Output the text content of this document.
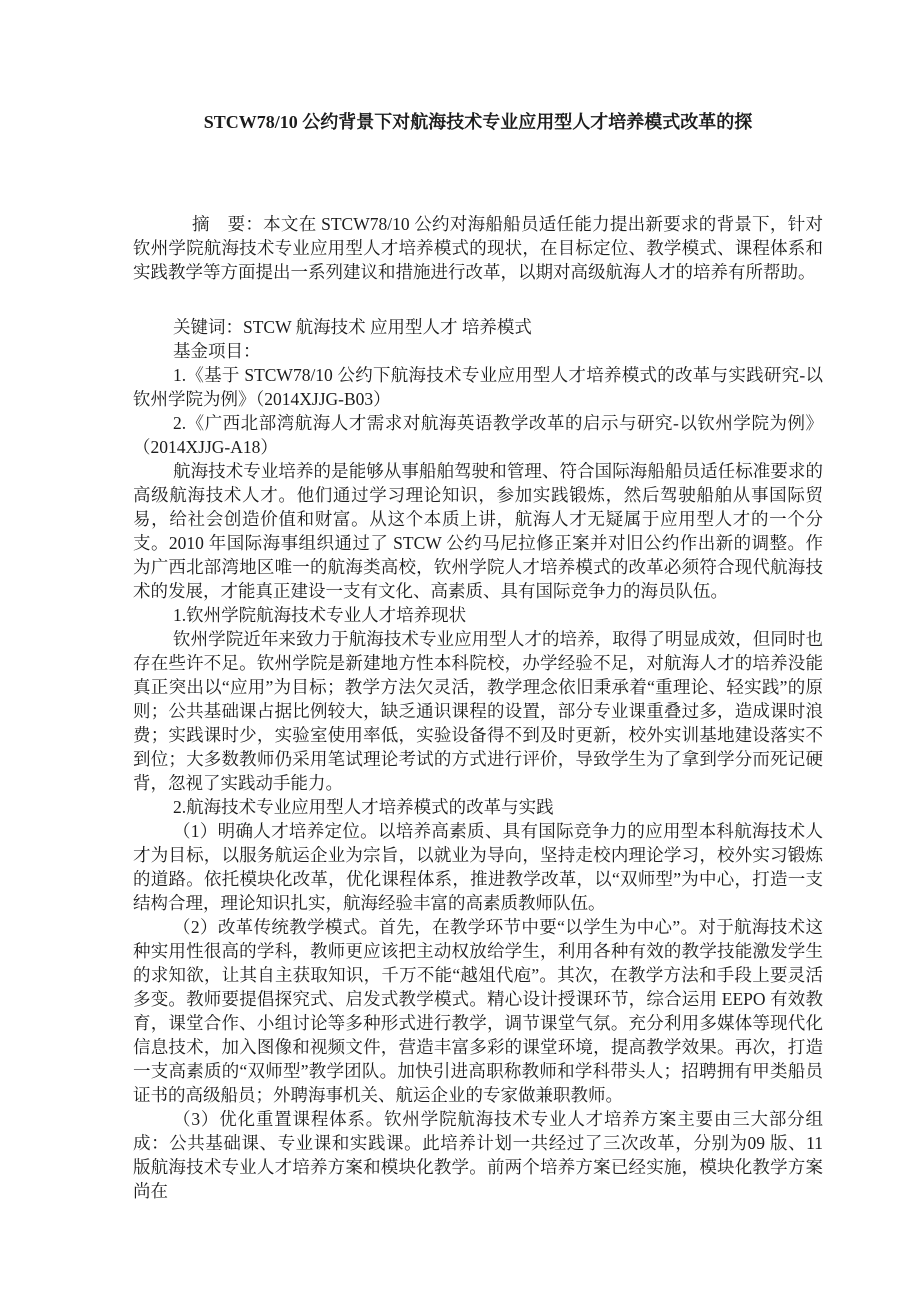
STCW78/10 公约背景下对航海技术专业应用型人才培养模式改革的探

摘　要：本文在 STCW78/10 公约对海船船员适任能力提出新要求的背景下，针对钦州学院航海技术专业应用型人才培养模式的现状，在目标定位、教学模式、课程体系和实践教学等方面提出一系列建议和措施进行改革，以期对高级航海人才的培养有所帮助。

关键词：STCW 航海技术 应用型人才 培养模式

基金项目：

1.《基于 STCW78/10 公约下航海技术专业应用型人才培养模式的改革与实践研究-以钦州学院为例》（2014XJJG-B03）

2.《广西北部湾航海人才需求对航海英语教学改革的启示与研究-以钦州学院为例》（2014XJJG-A18）

航海技术专业培养的是能够从事船舶驾驶和管理、符合国际海船船员适任标准要求的高级航海技术人才。他们通过学习理论知识，参加实践锻炼，然后驾驶船舶从事国际贸易，给社会创造价值和财富。从这个本质上讲，航海人才无疑属于应用型人才的一个分支。2010 年国际海事组织通过了 STCW 公约马尼拉修正案并对旧公约作出新的调整。作为广西北部湾地区唯一的航海类高校，钦州学院人才培养模式的改革必须符合现代航海技术的发展，才能真正建设一支有文化、高素质、具有国际竞争力的海员队伍。

1.钦州学院航海技术专业人才培养现状

钦州学院近年来致力于航海技术专业应用型人才的培养，取得了明显成效，但同时也存在些许不足。钦州学院是新建地方性本科院校，办学经验不足，对航海人才的培养没能真正突出以“应用”为目标；教学方法欠灵活，教学理念依旧秉承着“重理论、轻实践”的原则；公共基础课占据比例较大，缺乏通识课程的设置，部分专业课重叠过多，造成课时浪费；实践课时少，实验室使用率低，实验设备得不到及时更新，校外实训基地建设落实不到位；大多数教师仍采用笔试理论考试的方式进行评价，导致学生为了拿到学分而死记硬背，忽视了实践动手能力。

2.航海技术专业应用型人才培养模式的改革与实践

（1）明确人才培养定位。以培养高素质、具有国际竞争力的应用型本科航海技术人才为目标，以服务航运企业为宗旨，以就业为导向，坚持走校内理论学习，校外实习锻炼的道路。依托模块化改革，优化课程体系，推进教学改革，以“双师型”为中心，打造一支结构合理，理论知识扎实，航海经验丰富的高素质教师队伍。

（2）改革传统教学模式。首先，在教学环节中要“以学生为中心”。对于航海技术这种实用性很高的学科，教师更应该把主动权放给学生，利用各种有效的教学技能激发学生的求知欲，让其自主获取知识，千万不能“越俎代庖”。其次，在教学方法和手段上要灵活多变。教师要提倡探究式、启发式教学模式。精心设计授课环节，综合运用 EEPO 有效教育，课堂合作、小组讨论等多种形式进行教学，调节课堂气氛。充分利用多媒体等现代化信息技术，加入图像和视频文件，营造丰富多彩的课堂环境，提高教学效果。再次，打造一支高素质的“双师型”教学团队。加快引进高职称教师和学科带头人；招聘拥有甲类船员证书的高级船员；外聘海事机关、航运企业的专家做兼职教师。

（3）优化重置课程体系。钦州学院航海技术专业人才培养方案主要由三大部分组成：公共基础课、专业课和实践课。此培养计划一共经过了三次改革，分别为09 版、11 版航海技术专业人才培养方案和模块化教学。前两个培养方案已经实施，模块化教学方案尚在
